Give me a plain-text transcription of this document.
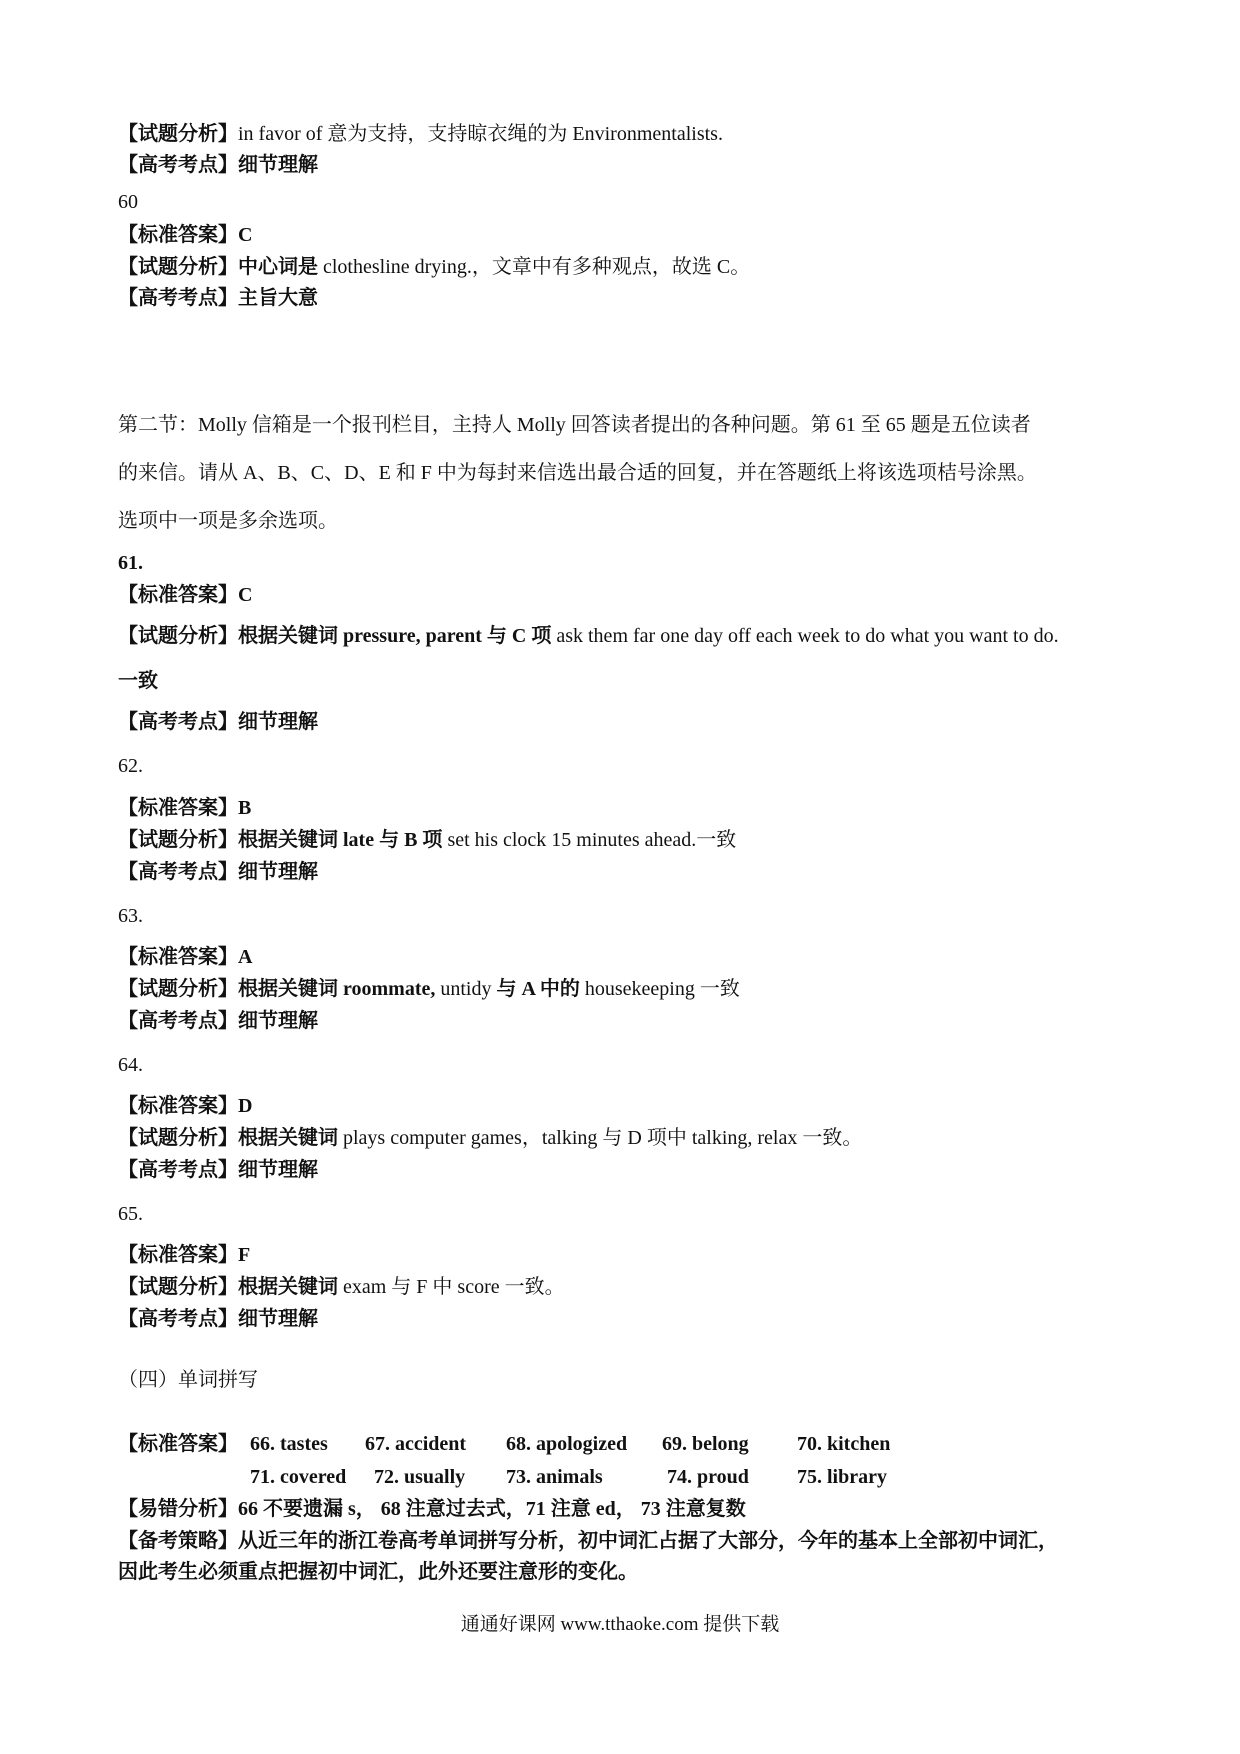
【试题分析】in favor of 意为支持，支持晾衣绳的为 Environmentalists.
【高考考点】细节理解
60
【标准答案】C
【试题分析】中心词是 clothesline drying.，文章中有多种观点，故选 C。
【高考考点】主旨大意
第二节：Molly 信箱是一个报刊栏目，主持人 Molly 回答读者提出的各种问题。第 61 至 65 题是五位读者
的来信。请从 A、B、C、D、E 和 F 中为每封来信选出最合适的回复，并在答题纸上将该选项桔号涂黑。
选项中一项是多余选项。
61.
【标准答案】C
【试题分析】根据关键词 pressure, parent 与 C 项 ask them far one day off each week to do what you want to do.
一致
【高考考点】细节理解
62.
【标准答案】B
【试题分析】根据关键词 late 与 B 项 set his clock 15 minutes ahead.一致
【高考考点】细节理解
63.
【标准答案】A
【试题分析】根据关键词 roommate, untidy 与 A 中的 housekeeping 一致
【高考考点】细节理解
64.
【标准答案】D
【试题分析】根据关键词 plays computer games，talking 与 D 项中 talking, relax 一致。
【高考考点】细节理解
65.
【标准答案】F
【试题分析】根据关键词 exam 与 F 中 score 一致。
【高考考点】细节理解
（四）单词拼写
【标准答案】 66. tastes 67. accident 68. apologized 69. belong 70. kitchen
71. covered 72. usually 73. animals	74. proud 75. library
【易错分析】66 不要遗漏 s， 68 注意过去式，71 注意 ed， 73 注意复数
【备考策略】从近三年的浙江卷高考单词拼写分析，初中词汇占据了大部分，今年的基本上全部初中词汇，
因此考生必须重点把握初中词汇，此外还要注意形的变化。
通通好课网 www.tthaoke.com 提供下载
